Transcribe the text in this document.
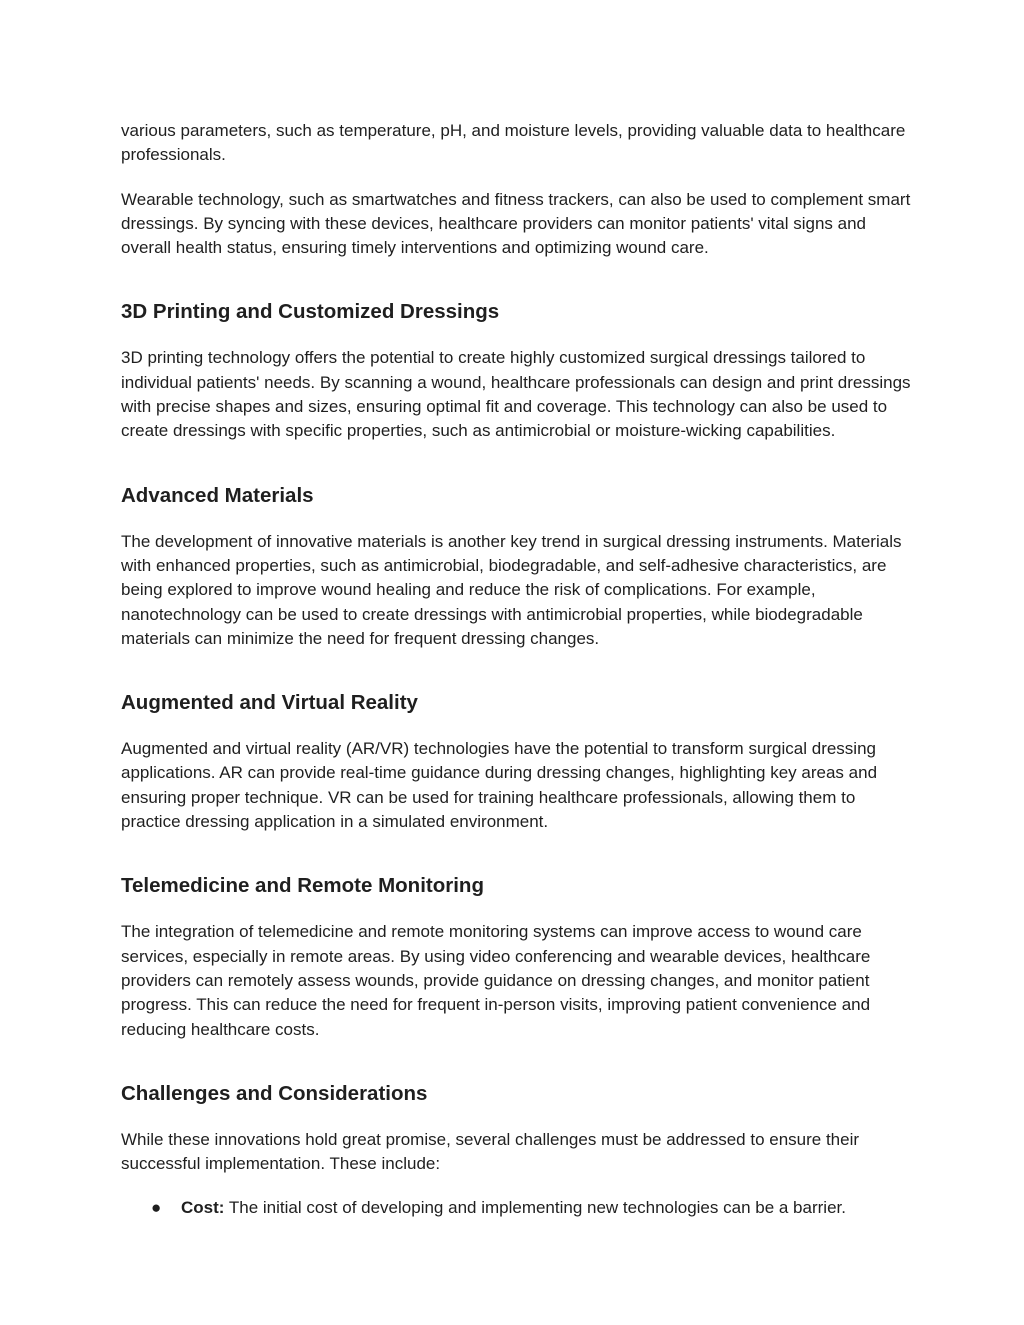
various parameters, such as temperature, pH, and moisture levels, providing valuable data to healthcare professionals.

Wearable technology, such as smartwatches and fitness trackers, can also be used to complement smart dressings. By syncing with these devices, healthcare providers can monitor patients' vital signs and overall health status, ensuring timely interventions and optimizing wound care.

3D Printing and Customized Dressings

3D printing technology offers the potential to create highly customized surgical dressings tailored to individual patients' needs. By scanning a wound, healthcare professionals can design and print dressings with precise shapes and sizes, ensuring optimal fit and coverage. This technology can also be used to create dressings with specific properties, such as antimicrobial or moisture-wicking capabilities.

Advanced Materials

The development of innovative materials is another key trend in surgical dressing instruments. Materials with enhanced properties, such as antimicrobial, biodegradable, and self-adhesive characteristics, are being explored to improve wound healing and reduce the risk of complications. For example, nanotechnology can be used to create dressings with antimicrobial properties, while biodegradable materials can minimize the need for frequent dressing changes.

Augmented and Virtual Reality

Augmented and virtual reality (AR/VR) technologies have the potential to transform surgical dressing applications. AR can provide real-time guidance during dressing changes, highlighting key areas and ensuring proper technique. VR can be used for training healthcare professionals, allowing them to practice dressing application in a simulated environment.

Telemedicine and Remote Monitoring

The integration of telemedicine and remote monitoring systems can improve access to wound care services, especially in remote areas. By using video conferencing and wearable devices, healthcare providers can remotely assess wounds, provide guidance on dressing changes, and monitor patient progress. This can reduce the need for frequent in-person visits, improving patient convenience and reducing healthcare costs.

Challenges and Considerations

While these innovations hold great promise, several challenges must be addressed to ensure their successful implementation. These include:

● Cost: The initial cost of developing and implementing new technologies can be a barrier.
